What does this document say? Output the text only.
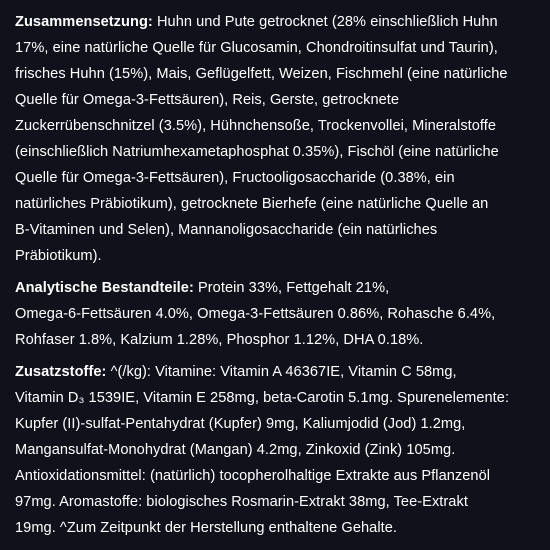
Zusammensetzung: Huhn und Pute getrocknet (28% einschließlich Huhn

17%, eine natürliche Quelle für Glucosamin, Chondroitinsulfat und Taurin),

frisches Huhn (15%), Mais, Geflügelfett, Weizen, Fischmehl (eine natürliche

Quelle für Omega-3-Fettsäuren), Reis, Gerste, getrocknete

Zuckerrübenschnitzel (3.5%), Hühnchensoße, Trockenvollei, Mineralstoffe

(einschließlich Natriumhexametaphosphat 0.35%), Fischöl (eine natürliche

Quelle für Omega-3-Fettsäuren), Fructooligosaccharide (0.38%, ein

natürliches Präbiotikum), getrocknete Bierhefe (eine natürliche Quelle an

B-Vitaminen und Selen), Mannanoligosaccharide (ein natürliches

Präbiotikum).

Analytische Bestandteile: Protein 33%, Fettgehalt 21%,

Omega-6-Fettsäuren 4.0%, Omega-3-Fettsäuren 0.86%, Rohasche 6.4%,

Rohfaser 1.8%, Kalzium 1.28%, Phosphor 1.12%, DHA 0.18%.

Zusatzstoffe: ^(/kg): Vitamine: Vitamin A 46367IE, Vitamin C 58mg,

Vitamin D₃ 1539IE, Vitamin E 258mg, beta-Carotin 5.1mg. Spurenelemente:

Kupfer (II)-sulfat-Pentahydrat (Kupfer) 9mg, Kaliumjodid (Jod) 1.2mg,

Mangansulfat-Monohydrat (Mangan) 4.2mg, Zinkoxid (Zink) 105mg.

Antioxidationsmittel: (natürlich) tocopherolhaltige Extrakte aus Pflanzenöl

97mg. Aromastoffe: biologisches Rosmarin-Extrakt 38mg, Tee-Extrakt

19mg. ^Zum Zeitpunkt der Herstellung enthaltene Gehalte.
